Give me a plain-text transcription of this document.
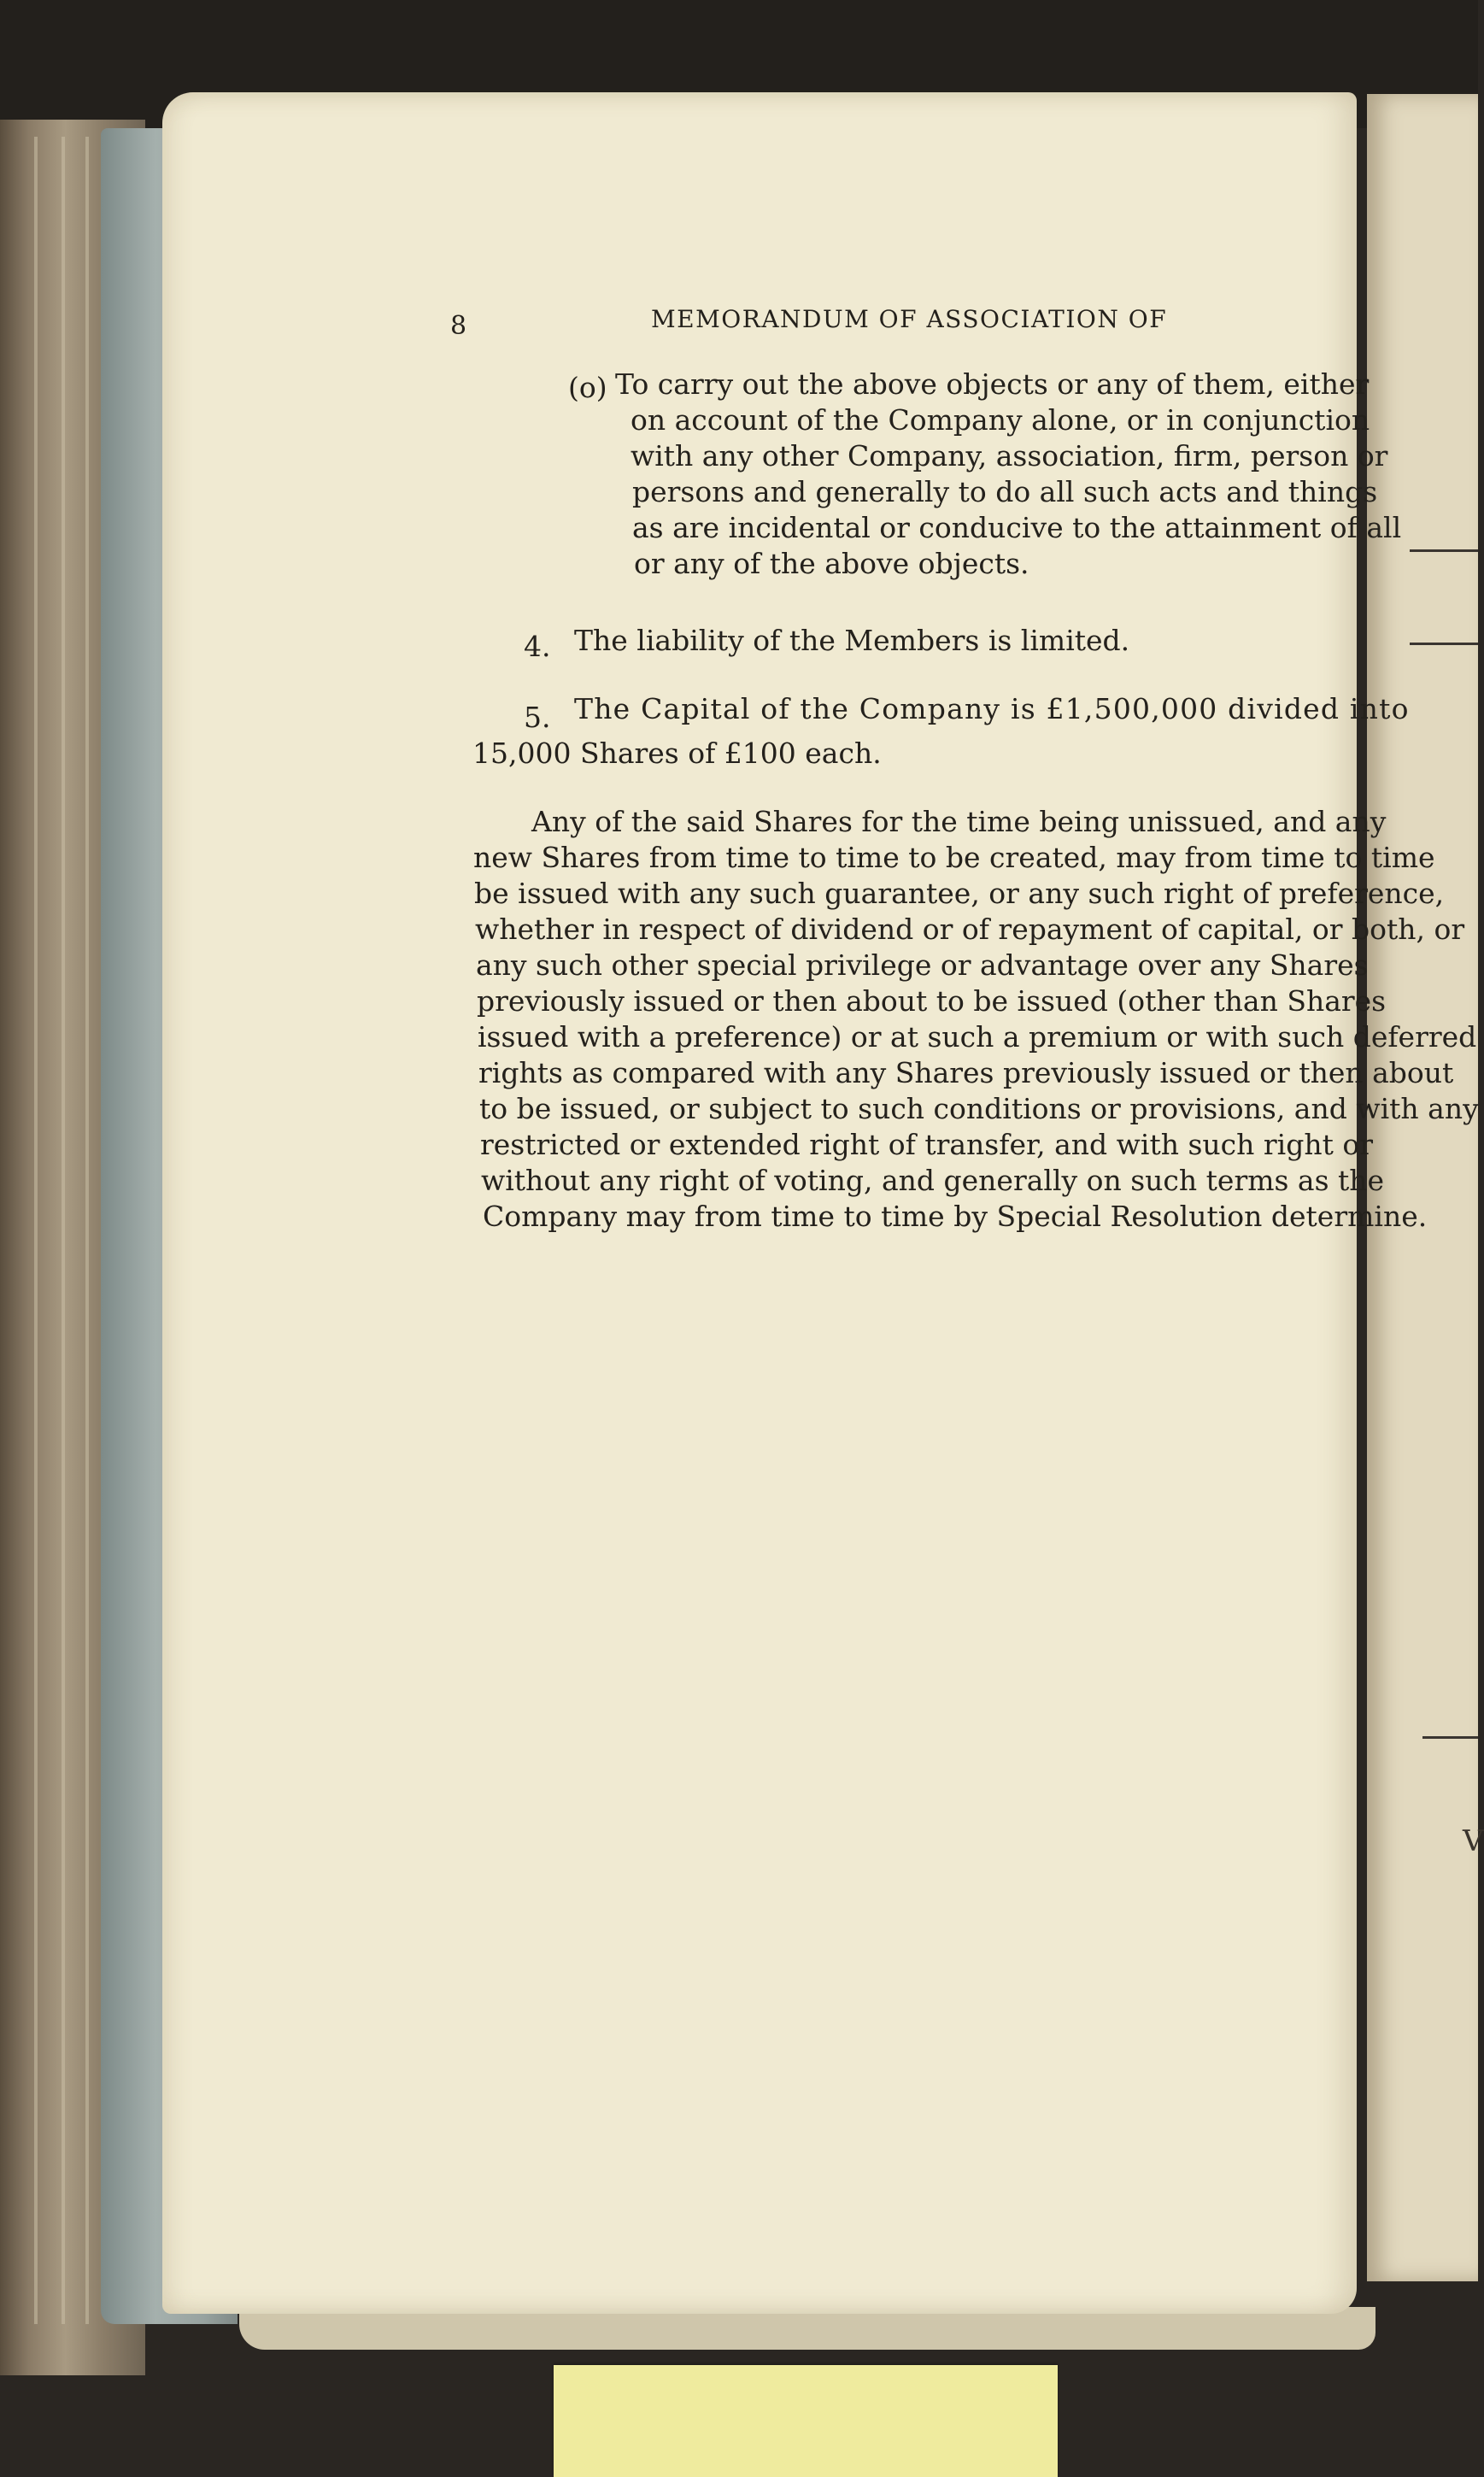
V
8	MEMORANDUM OF ASSOCIATION OF
(o) To carry out the above objects or any of them, either
on account of the Company alone, or in conjunction
with any other Company, association, firm, person or
persons and generally to do all such acts and things
as are incidental or conducive to the attainment of all
or any of the above objects.
4. The liability of the Members is limited.
5. The Capital of the Company is £1,500,000 divided into
15,000 Shares of £100 each.
Any of the said Shares for the time being unissued, and any
new Shares from time to time to be created, may from time to time
be issued with any such guarantee, or any such right of preference,
whether in respect of dividend or of repayment of capital, or both, or
any such other special privilege or advantage over any Shares
previously issued or then about to be issued (other than Shares
issued with a preference) or at such a premium or with such deferred
rights as compared with any Shares previously issued or then about
to be issued, or subject to such conditions or provisions, and with any
restricted or extended right of transfer, and with such right or
without any right of voting, and generally on such terms as the
Company may from time to time by Special Resolution determine.
